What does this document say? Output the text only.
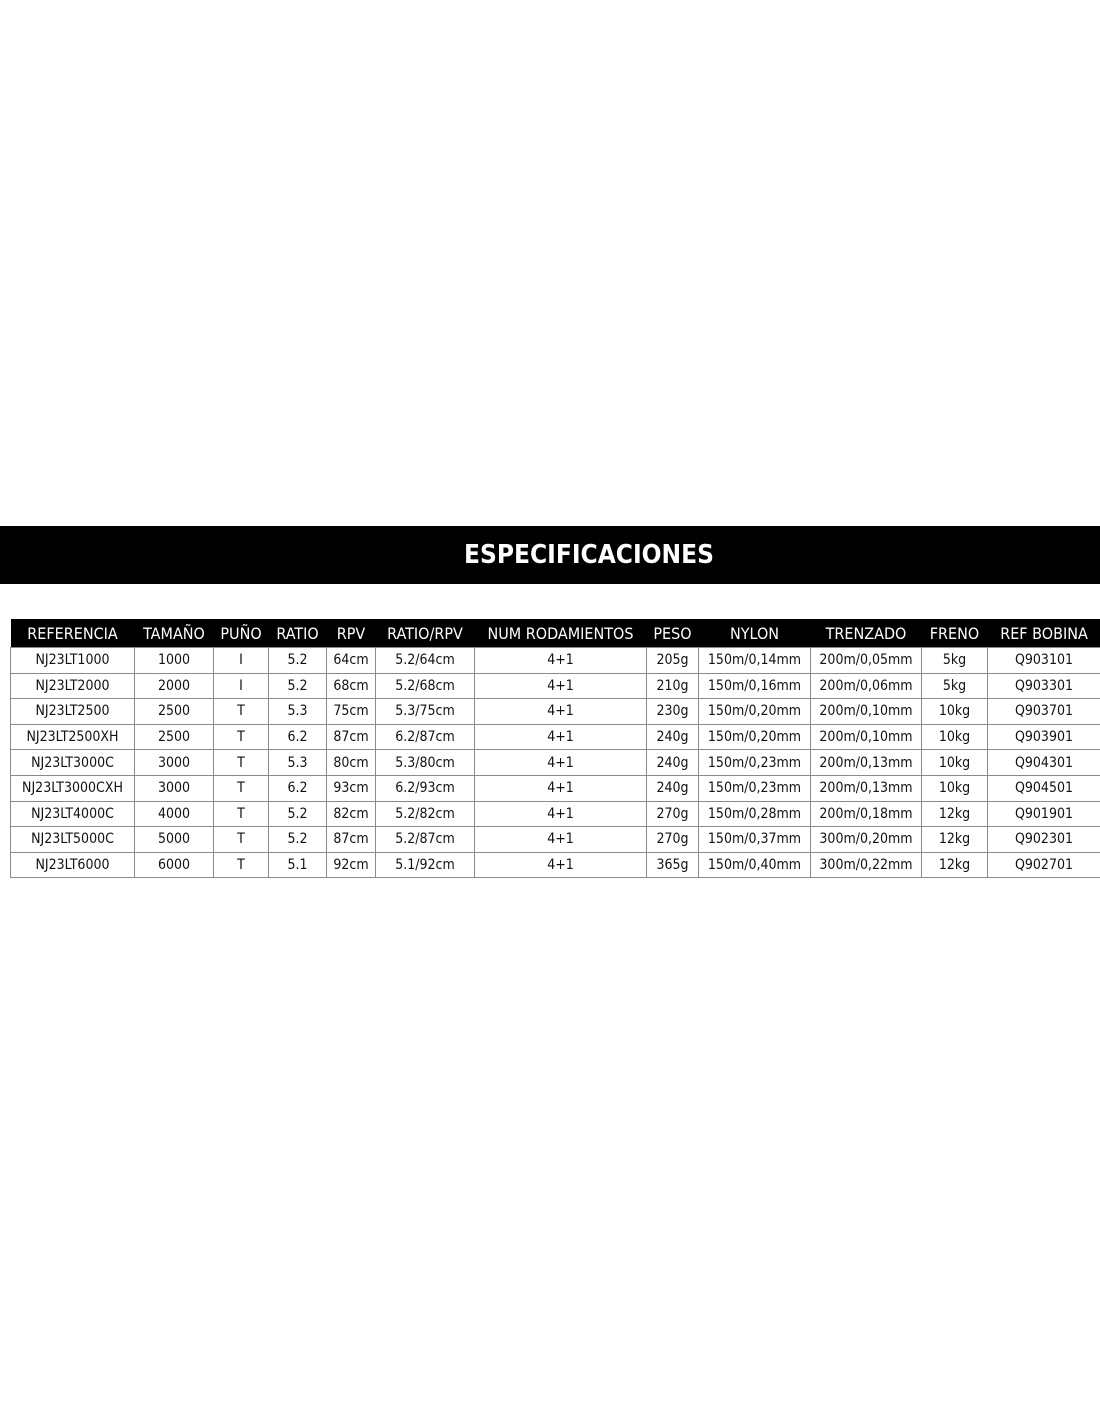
ESPECIFICACIONES
REFERENCIA	TAMAÑO	PUÑO	RATIO	RPV	RATIO/RPV	NUM RODAMIENTOS	PESO	NYLON	TRENZADO	FRENO	REF BOBINA
NJ23LT1000	1000	I	5.2	64cm	5.2/64cm	4+1	205g	150m/0,14mm	200m/0,05mm	5kg	Q903101
NJ23LT2000	2000	I	5.2	68cm	5.2/68cm	4+1	210g	150m/0,16mm	200m/0,06mm	5kg	Q903301
NJ23LT2500	2500	T	5.3	75cm	5.3/75cm	4+1	230g	150m/0,20mm	200m/0,10mm	10kg	Q903701
NJ23LT2500XH	2500	T	6.2	87cm	6.2/87cm	4+1	240g	150m/0,20mm	200m/0,10mm	10kg	Q903901
NJ23LT3000C	3000	T	5.3	80cm	5.3/80cm	4+1	240g	150m/0,23mm	200m/0,13mm	10kg	Q904301
NJ23LT3000CXH	3000	T	6.2	93cm	6.2/93cm	4+1	240g	150m/0,23mm	200m/0,13mm	10kg	Q904501
NJ23LT4000C	4000	T	5.2	82cm	5.2/82cm	4+1	270g	150m/0,28mm	200m/0,18mm	12kg	Q901901
NJ23LT5000C	5000	T	5.2	87cm	5.2/87cm	4+1	270g	150m/0,37mm	300m/0,20mm	12kg	Q902301
NJ23LT6000	6000	T	5.1	92cm	5.1/92cm	4+1	365g	150m/0,40mm	300m/0,22mm	12kg	Q902701
